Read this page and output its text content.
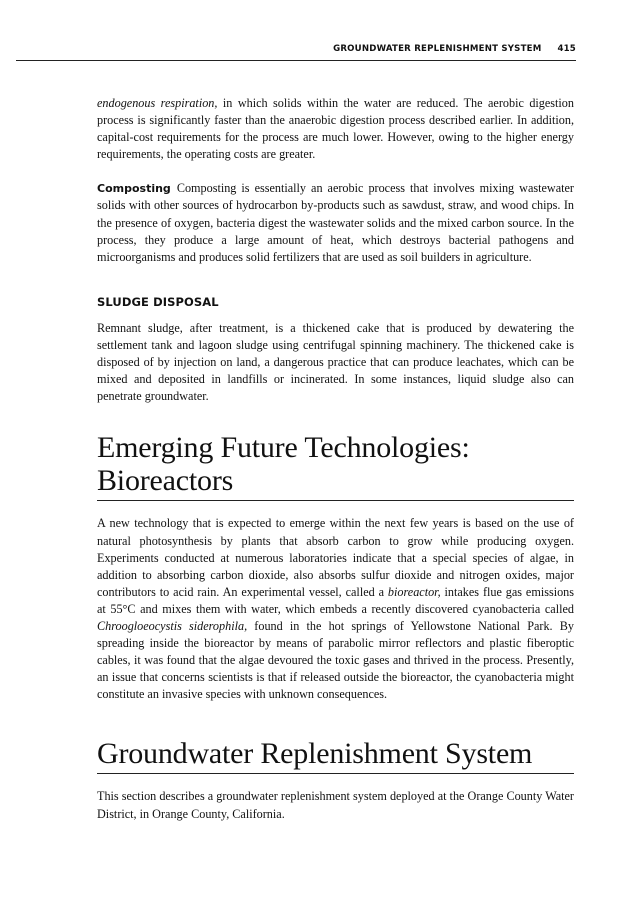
GROUNDWATER REPLENISHMENT SYSTEM 415

endogenous respiration, in which solids within the water are reduced. The aerobic digestion process is significantly faster than the anaerobic digestion process described earlier. In addition, capital-cost requirements for the process are much lower. However, owing to the higher energy requirements, the operating costs are greater.

Composting Composting is essentially an aerobic process that involves mixing wastewater solids with other sources of hydrocarbon by-products such as sawdust, straw, and wood chips. In the presence of oxygen, bacteria digest the wastewater solids and the mixed carbon source. In the process, they produce a large amount of heat, which destroys bacterial pathogens and microorganisms and produces solid fertilizers that are used as soil builders in agriculture.

SLUDGE DISPOSAL

Remnant sludge, after treatment, is a thickened cake that is produced by dewatering the settlement tank and lagoon sludge using centrifugal spinning machinery. The thickened cake is disposed of by injection on land, a dangerous practice that can produce leachates, which can be mixed and deposited in landfills or incinerated. In some instances, liquid sludge also can penetrate groundwater.

Emerging Future Technologies:
Bioreactors

A new technology that is expected to emerge within the next few years is based on the use of natural photosynthesis by plants that absorb carbon to grow while producing oxygen. Experiments conducted at numerous laboratories indicate that a special species of algae, in addition to absorbing carbon dioxide, also absorbs sulfur dioxide and nitrogen oxides, major contributors to acid rain. An experimental vessel, called a bioreactor, intakes flue gas emissions at 55°C and mixes them with water, which embeds a recently discovered cyanobacteria called Chroogloeocystis siderophila, found in the hot springs of Yellowstone National Park. By spreading inside the bioreactor by means of parabolic mirror reflectors and plastic fiberoptic cables, it was found that the algae devoured the toxic gases and thrived in the process. Presently, an issue that concerns scientists is that if released outside the bioreactor, the cyanobacteria might constitute an invasive species with unknown consequences.

Groundwater Replenishment System

This section describes a groundwater replenishment system deployed at the Orange County Water District, in Orange County, California.
